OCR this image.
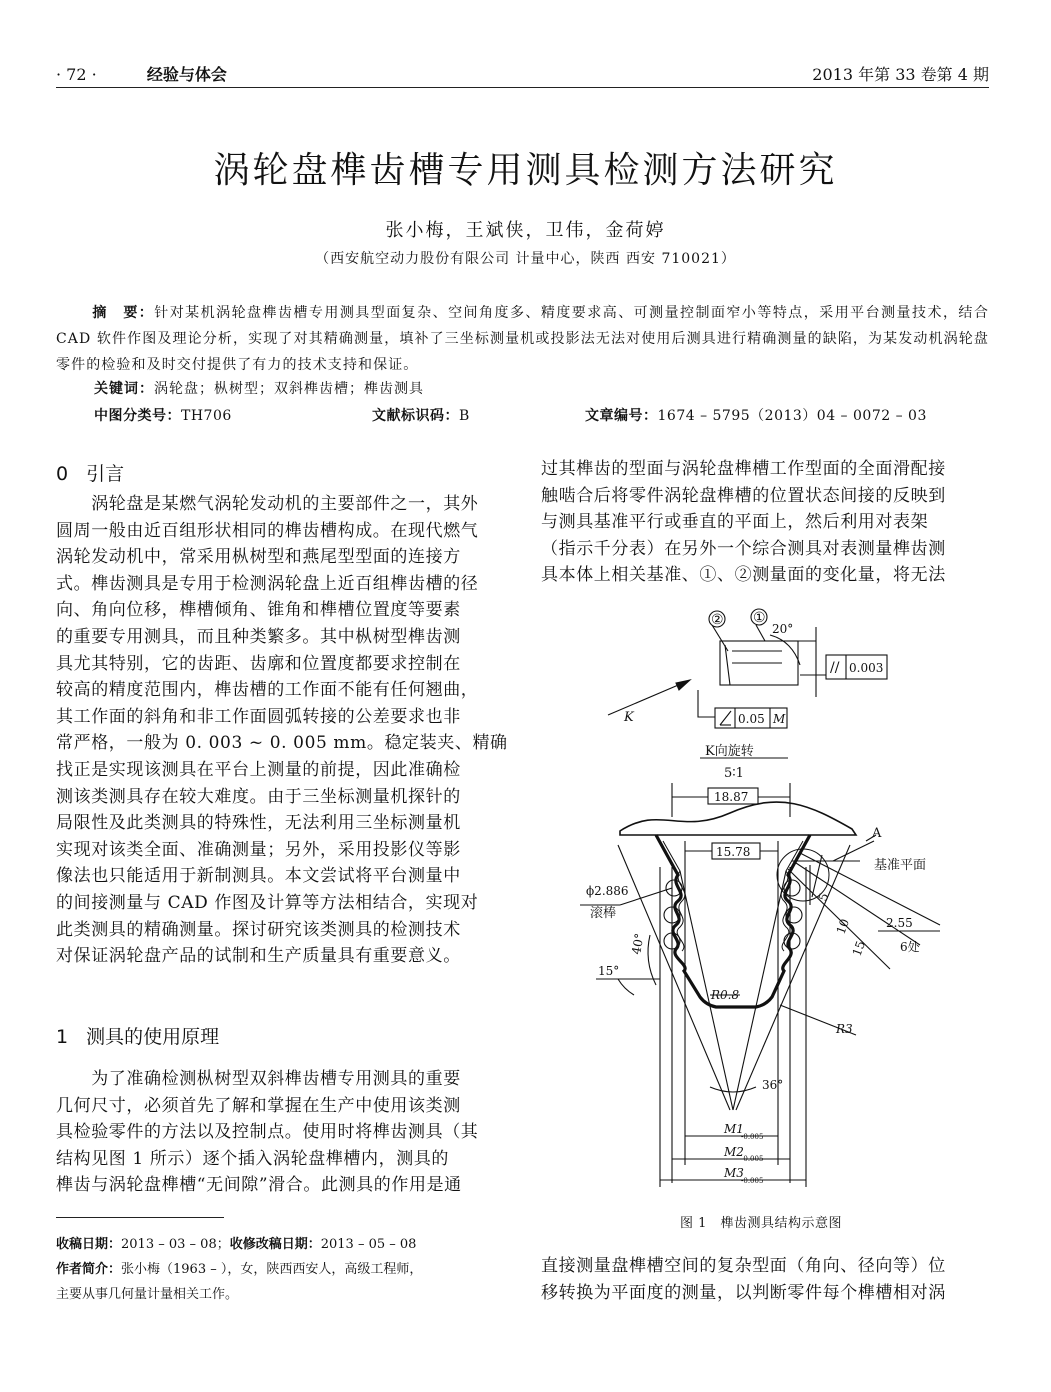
· 72 ·	经验与体会	2013 年第 33 卷第 4 期
涡轮盘榫齿槽专用测具检测方法研究
张小梅，王斌侠，卫伟，金荷婷
（西安航空动力股份有限公司 计量中心，陕西 西安 710021）
摘　要：针对某机涡轮盘榫齿槽专用测具型面复杂、空间角度多、精度要求高、可测量控制面窄小等特点，采用平台测量技术，结合 CAD 软件作图及理论分析，实现了对其精确测量，填补了三坐标测量机或投影法无法对使用后测具进行精确测量的缺陷，为某发动机涡轮盘零件的检验和及时交付提供了有力的技术支持和保证。
关键词：涡轮盘；枞树型；双斜榫齿槽；榫齿测具
中图分类号：TH706	文献标识码：B	文章编号：1674 – 5795（2013）04 – 0072 – 03
0 引言

　　涡轮盘是某燃气涡轮发动机的主要部件之一，其外

圆周一般由近百组形状相同的榫齿槽构成。在现代燃气

涡轮发动机中，常采用枞树型和燕尾型型面的连接方

式。榫齿测具是专用于检测涡轮盘上近百组榫齿槽的径

向、角向位移，榫槽倾角、锥角和榫槽位置度等要素

的重要专用测具，而且种类繁多。其中枞树型榫齿测

具尤其特别，它的齿距、齿廓和位置度都要求控制在

较高的精度范围内，榫齿槽的工作面不能有任何翘曲，

其工作面的斜角和非工作面圆弧转接的公差要求也非

常严格，一般为 0. 003 ~ 0. 005 mm。稳定装夹、精确

找正是实现该测具在平台上测量的前提，因此准确检

测该类测具存在较大难度。由于三坐标测量机探针的

局限性及此类测具的特殊性，无法利用三坐标测量机

实现对该类全面、准确测量；另外，采用投影仪等影

像法也只能适用于新制测具。本文尝试将平台测量中

的间接测量与 CAD 作图及计算等方法相结合，实现对

此类测具的精确测量。探讨研究该类测具的检测技术

对保证涡轮盘产品的试制和生产质量具有重要意义。

1 测具的使用原理

　　为了准确检测枞树型双斜榫齿槽专用测具的重要

几何尺寸，必须首先了解和掌握在生产中使用该类测

具检验零件的方法以及控制点。使用时将榫齿测具（其

结构见图 1 所示）逐个插入涡轮盘榫槽内，测具的

榫齿与涡轮盘榫槽“无间隙”滑合。此测具的作用是通

收稿日期：2013 – 03 – 08；收修改稿日期：2013 – 05 – 08
作者简介：张小梅（1963 – ），女，陕西西安人，高级工程师，
主要从事几何量计量相关工作。

过其榫齿的型面与涡轮盘榫槽工作型面的全面滑配接

触啮合后将零件涡轮盘榫槽的位置状态间接的反映到

与测具基准平行或垂直的平面上，然后利用对表架

（指示千分表）在另外一个综合测具对表测量榫齿测

具本体上相关基准、①、②测量面的变化量，将无法

② ①
20°
// 0.003
K	0.05 M
K向旋转
5∶1
18.87
A
15.78
基准平面
ϕ2.886
滚棒
40°
15°
5
10
15
2.55
6处
R0.8
R3
36°
M1
-0.005
M2
-0.005
M3
-0.005
图 1　榫齿测具结构示意图

直接测量盘榫槽空间的复杂型面（角向、径向等）位

移转换为平面度的测量，以判断零件每个榫槽相对涡
